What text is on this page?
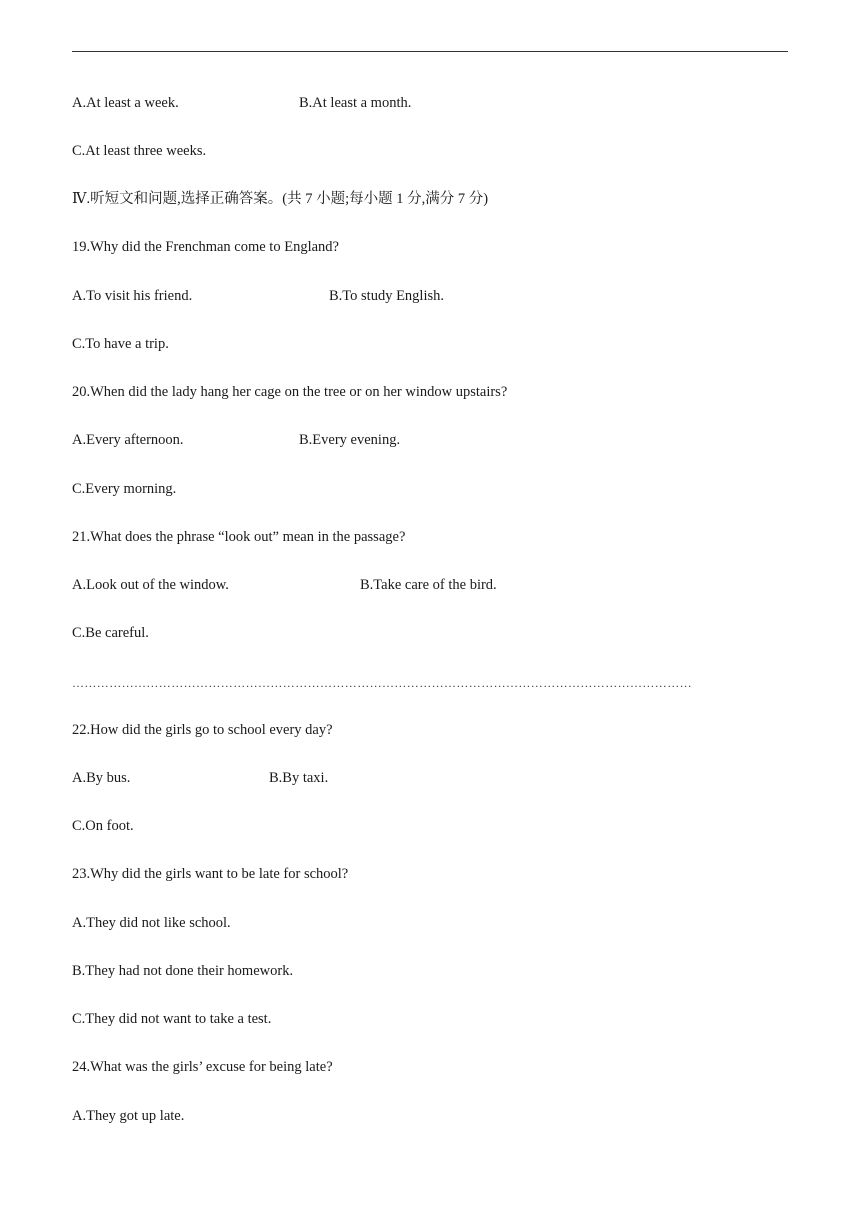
A.At least a week.	B.At least a month.
C.At least three weeks.
Ⅳ.听短文和问题,选择正确答案。(共 7 小题;每小题 1 分,满分 7 分)
19.Why did the Frenchman come to England?
A.To visit his friend.	B.To study English.
C.To have a trip.
20.When did the lady hang her cage on the tree or on her window upstairs?
A.Every afternoon.	B.Every evening.
C.Every morning.
21.What does the phrase “look out” mean in the passage?
A.Look out of the window.	B.Take care of the bird.
C.Be careful.
……………………………………………………………………………………………………………………………………
22.How did the girls go to school every day?
A.By bus.	B.By taxi.
C.On foot.
23.Why did the girls want to be late for school?
A.They did not like school.
B.They had not done their homework.
C.They did not want to take a test.
24.What was the girls’ excuse for being late?
A.They got up late.
